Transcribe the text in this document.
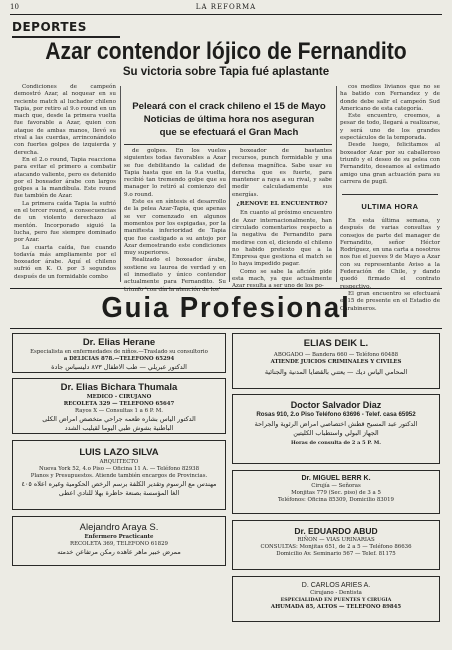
10	LA REFORMA
DEPORTES
Azar contendor lójico de Fernandito
Su victoria sobre Tapia fué aplastante

Condiciones de campeón demostró Azar, al noquear en su reciente match al luchador chileno Tapia, por retiro al 9.o round en un mach que, desde la primera vuelta fue favorable a Azar, quien con ataque de ambas manos, llevó su rival a las cuerdas, arrinconándolo con fuertes golpes de izquierda y derecha.

En el 2.o round, Tapia reacciona para evitar el primero a combatir atacando valiente, pero es detenido por el boxeador árabe con largos golpes a la mandíbula. Este round fue también de Azar.

La primera caída Tapia la sufrió en el tercer round, a consecuencias de un violento derechazo al mentón. Incorporado siguió la lucha, pero fue siempre dominado por Azar.

La cuarta caída, fue cuando todavía más ampliamente por el boxeador árabe. Aquí el chileno sufrió en K. O. por 3 segundos después de un formidable combo

Peleará con el crack chileno el 15 de Mayo
Noticias de última hora nos aseguran
que se efectuará el Gran Mach

de golpes. En los vuelos siguientes todas favorables a Azar se fue debilitando la calidad de Tapia hasta que en la 9.a vuelta, recibió tan tremendo golpe que su manager lo retiró al comienzo del 9.o round.

Este es en síntesis el desarrollo de la pelea Azar-Tapia, que apenas se ver comenzado en algunos momentos por los espigadas, por la manifiesta inferioridad de Tapia que fue castigado a su antojo por Azar demostrando este condiciones muy superiores.

Realizado el boxeador árabe, sostiene su laurea de verdad y en el inmediato y único contendor actualmente para Fernandito. Su triunfo 'con día la atención de los'

boxeador de bastantes recursos, punch formidable y una defensa magnífica. Sabe usar su derecha que es fuerte, para mantener a raya a su rival, y sabe medir calculadamente sus energías.

¿RENOVE EL ENCUENTRO?

En cuanto al próximo encuentro de Azar internacionalmente, han circulado comentarios respecto a la negativa de Fernandito para medirse con el, diciendo el chileno no habido pretexto que a la Empresa que gestiona el match se lo haya impedido pagar.

Como se sabe la afición pide esta mach, ya que actualmente Azar resulta a ser uno de los po-

cos medios livianos que no se ha batido con Fernandez y de donde debe salir el campeón Sud Americano de esta categoría.

Este encuentro, creemos, a pesar de todo, llegará a realizarse, y será uno de los grandes espectáculos de la temporada.

Desde luego, felicitamos al boxeador Azar por su caballeroso triunfo y el deseo de su pelea con Fernandito, deseamos al estimado amigo una gran actuación para su carrera de pugil.

ULTIMA HORA

En esta última semana, y después de varias consultas y consejos de parte del manager de Fernandito, señor Héctor Rodríguez, en una carta a nosotros nos fue el jueves 9 de Mayo a Azar con su representante Aviso a la Federación de Chile, y dando quedó firmado el contrato respectivo.

El gran encuentro se efectuará el 15 de presente en el Estadio de Carabineros.

Guia Profesional
Dr. Elias Herane
Especialista en enfermedades de niños.—Traslado su consultorio
a DELICIAS 878.—TELEFONO 65294
الدكتور عبريلي — طب الاطفال ٨٧٣ دليسياس جادة
Dr. Elias Bichara Thumala
MEDICO - CIRUJANO
RECOLETA 329 — TELEFONO 65647
Rayos X — Consultas 1 a 6 P. M.
الدكتور الياس بشاره طعمه جراحي متخصص امراض الكلى
الباطنية بشوش طبي اليوما لقيليب الشدد
LUIS LAZO SILVA
ARQUITECTO
Nueva York 52, 4.o Piso — Oficina 11 A. — Teléfono 82938
Planos y Presupuestos. Atiende también encargos de Provincias.
مهندس مع الرسوم وتقدير الكلفة برسم الرخص الحكومية وغيره اعلاه ٤٠٥
الغا المؤسسة بصنعة حاظرة بهلا للنادي اعطى
Alejandro Araya S.
Enfermero Practicante
RECOLETA 369, TELEFONO 61829
ممرض خبير ماهر عاهده رمكن مرتفاعن خدمته
ELIAS DEIK L.
ABOGADO — Bandera 660 — Teléfono 60488
ATIENDE JUICIOS CRIMINALES Y CIVILES
المحامي الياس ديك — يعتني بالقضايا المدنية والجنائية
Doctor Salvador Diaz
Rosas 910, 2.o Piso Teléfono 63696 - Telef. casa 65952
الدكتور عبد المسيح قطش اختصاصي امراض الرئوية والجراحة
الجهاز البولي واستطباب الكليتين
Horas de consulta de 2 a 5 P. M.
Dr. MIGUEL BERR K.
Cirujía — Señoras
Monjitas 779 (Sec. piso) de 3 a 5
Teléfonos: Oficina 85309, Domicilio 83019
Dr. EDUARDO ABUD
RIÑON — VIAS URINARIAS
CONSULTAS: Monjitas 651, de 2 a 5 — Teléfono 86636
Domicilio Av. Seminario 567 — Telef. 81175
D. CARLOS ARIES A.
Cirujano - Dentista
ESPECIALIDAD EN PUENTES Y CIRUGIA
AHUMADA 85, ALTOS — TELEFONO 89845
